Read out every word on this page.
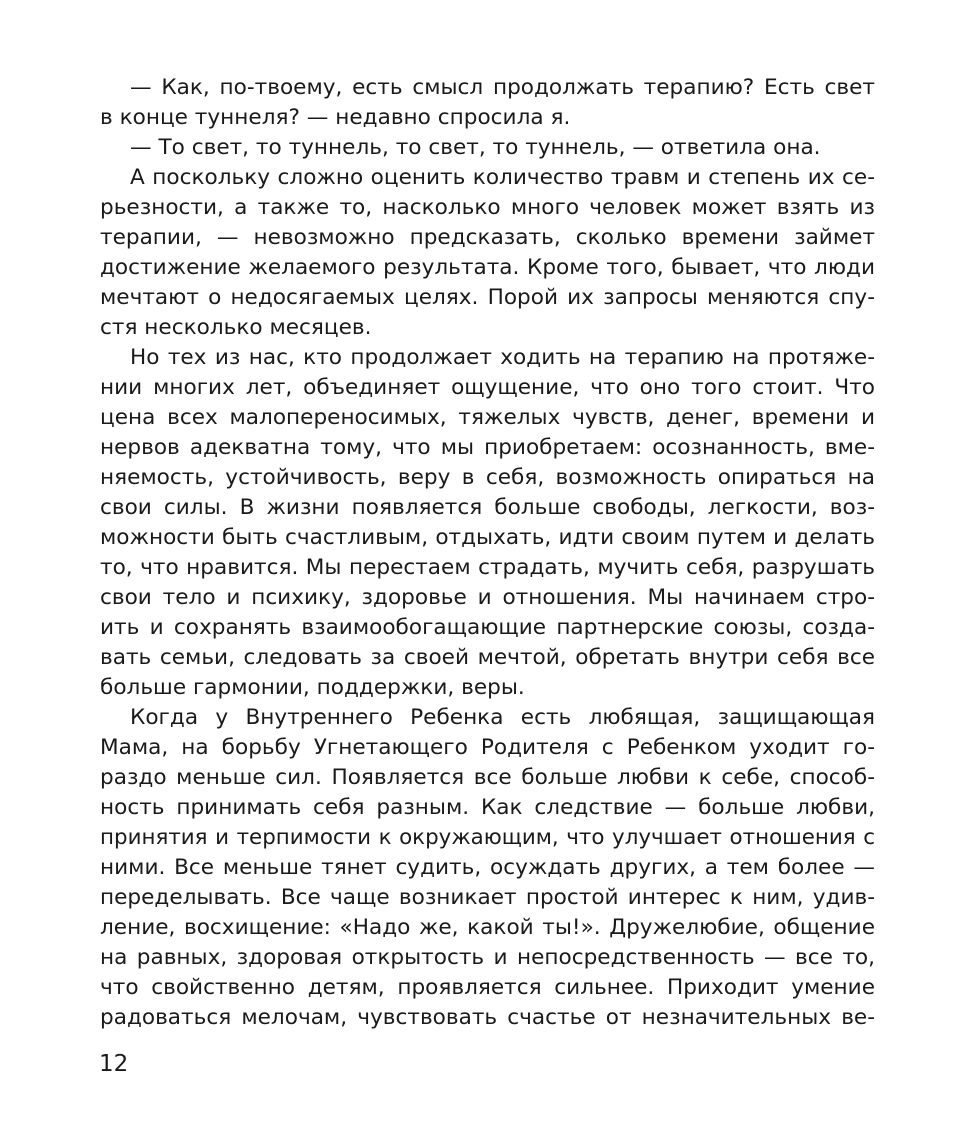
— Как, по-твоему, есть смысл продолжать терапию? Есть свет
в конце туннеля? — недавно спросила я.
— То свет, то туннель, то свет, то туннель, — ответила она.
А поскольку сложно оценить количество травм и степень их се-
рьезности, а также то, насколько много человек может взять из
терапии, — невозможно предсказать, сколько времени займет
достижение желаемого результата. Кроме того, бывает, что люди
мечтают о недосягаемых целях. Порой их запросы меняются спу-
стя несколько месяцев.
Но тех из нас, кто продолжает ходить на терапию на протяже-
нии многих лет, объединяет ощущение, что оно того стоит. Что
цена всех малопереносимых, тяжелых чувств, денег, времени и
нервов адекватна тому, что мы приобретаем: осознанность, вме-
няемость, устойчивость, веру в себя, возможность опираться на
свои силы. В жизни появляется больше свободы, легкости, воз-
можности быть счастливым, отдыхать, идти своим путем и делать
то, что нравится. Мы перестаем страдать, мучить себя, разрушать
свои тело и психику, здоровье и отношения. Мы начинаем стро-
ить и сохранять взаимообогащающие партнерские союзы, созда-
вать семьи, следовать за своей мечтой, обретать внутри себя все
больше гармонии, поддержки, веры.
Когда у Внутреннего Ребенка есть любящая, защищающая
Мама, на борьбу Угнетающего Родителя с Ребенком уходит го-
раздо меньше сил. Появляется все больше любви к себе, способ-
ность принимать себя разным. Как следствие — больше любви,
принятия и терпимости к окружающим, что улучшает отношения с
ними. Все меньше тянет судить, осуждать других, а тем более —
переделывать. Все чаще возникает простой интерес к ним, удив-
ление, восхищение: «Надо же, какой ты!». Дружелюбие, общение
на равных, здоровая открытость и непосредственность — все то,
что свойственно детям, проявляется сильнее. Приходит умение
радоваться мелочам, чувствовать счастье от незначительных ве-
12
